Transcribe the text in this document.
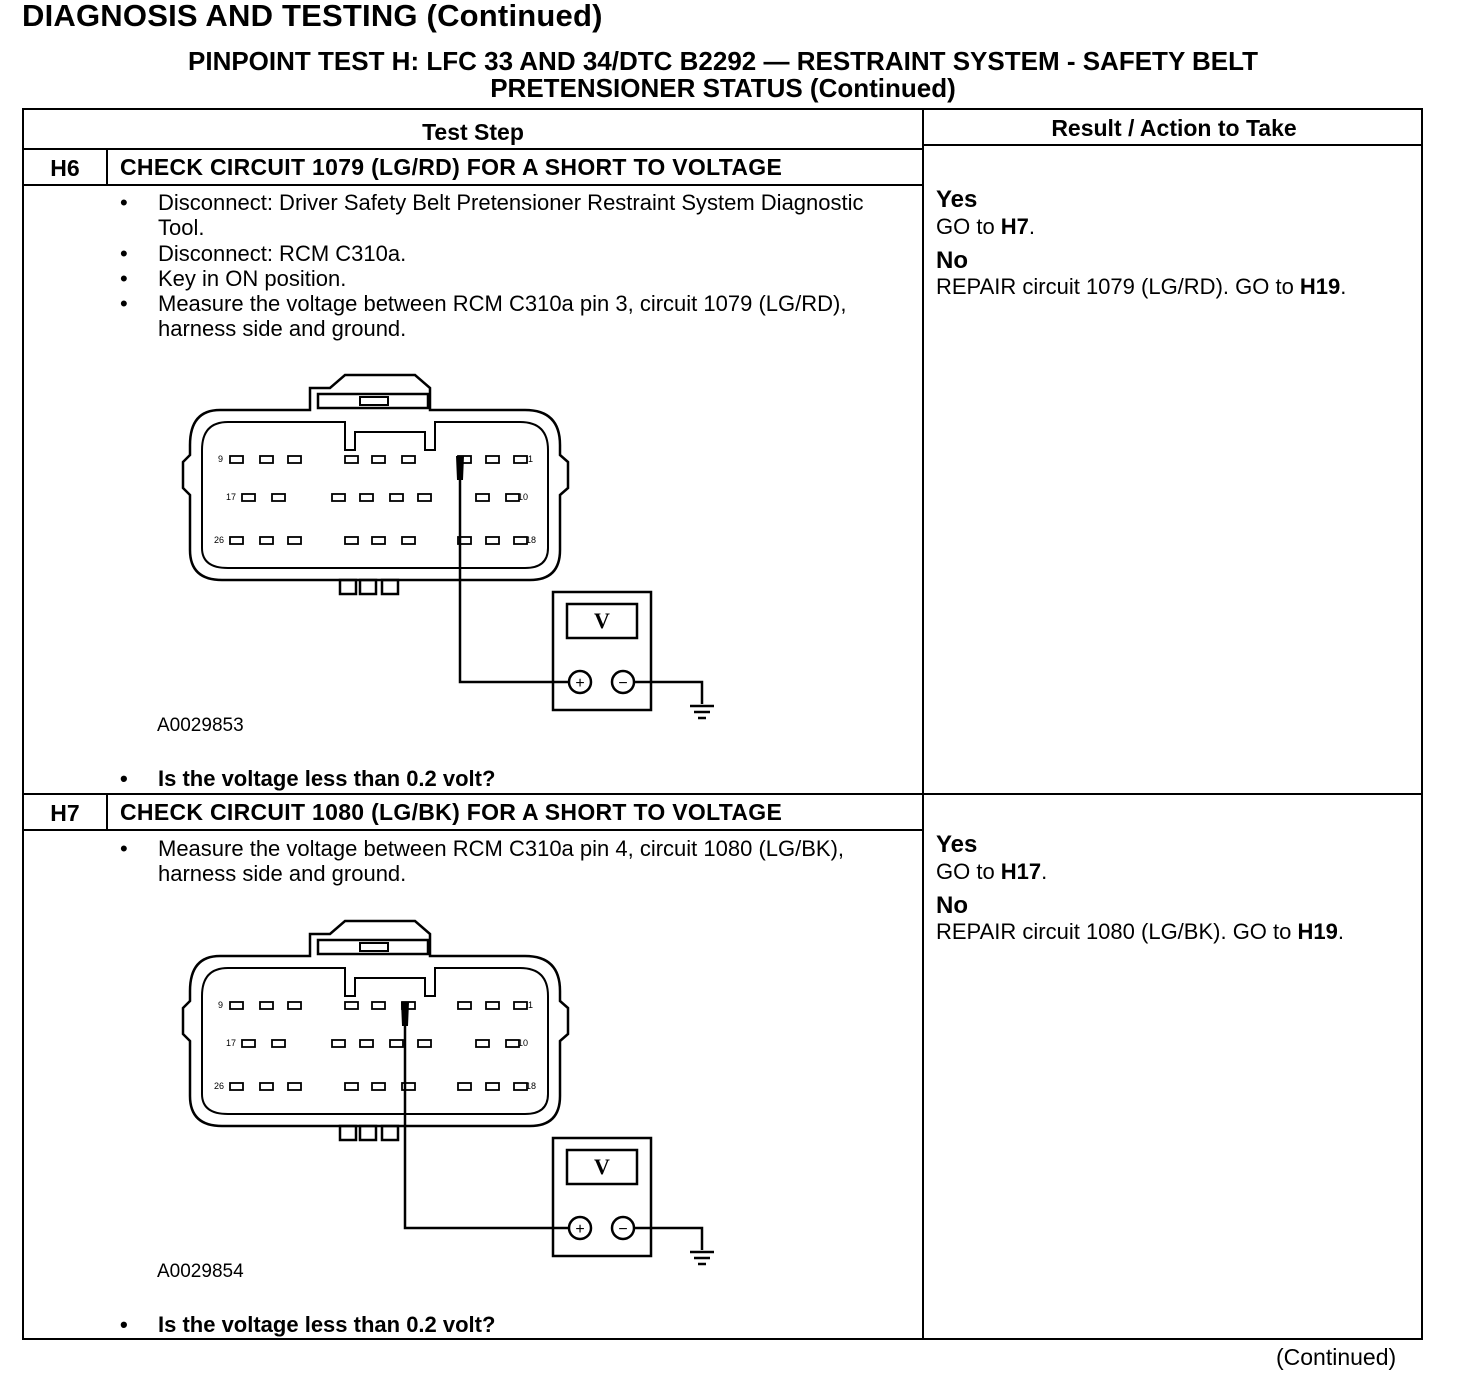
DIAGNOSIS AND TESTING (Continued)
PINPOINT TEST H: LFC 33 AND 34/DTC B2292 — RESTRAINT SYSTEM - SAFETY BELT
PRETENSIONER STATUS (Continued)
Test Step	Result / Action to Take
H6	CHECK CIRCUIT 1079 (LG/RD) FOR A SHORT TO VOLTAGE
• Disconnect: Driver Safety Belt Pretensioner Restraint System Diagnostic Tool.
• Disconnect: RCM C310a.
• Key in ON position.
• Measure the voltage between RCM C310a pin 3, circuit 1079 (LG/RD), harness side and ground.
A0029853
• Is the voltage less than 0.2 volt?
Yes
GO to H7.
No
REPAIR circuit 1079 (LG/RD). GO to H19.
H7	CHECK CIRCUIT 1080 (LG/BK) FOR A SHORT TO VOLTAGE
• Measure the voltage between RCM C310a pin 4, circuit 1080 (LG/BK), harness side and ground.
A0029854
• Is the voltage less than 0.2 volt?
Yes
GO to H17.
No
REPAIR circuit 1080 (LG/BK). GO to H19.
9	1
17	10
26	18
V
+ −
9	1
17	10
26	18
V
+ −
(Continued)
